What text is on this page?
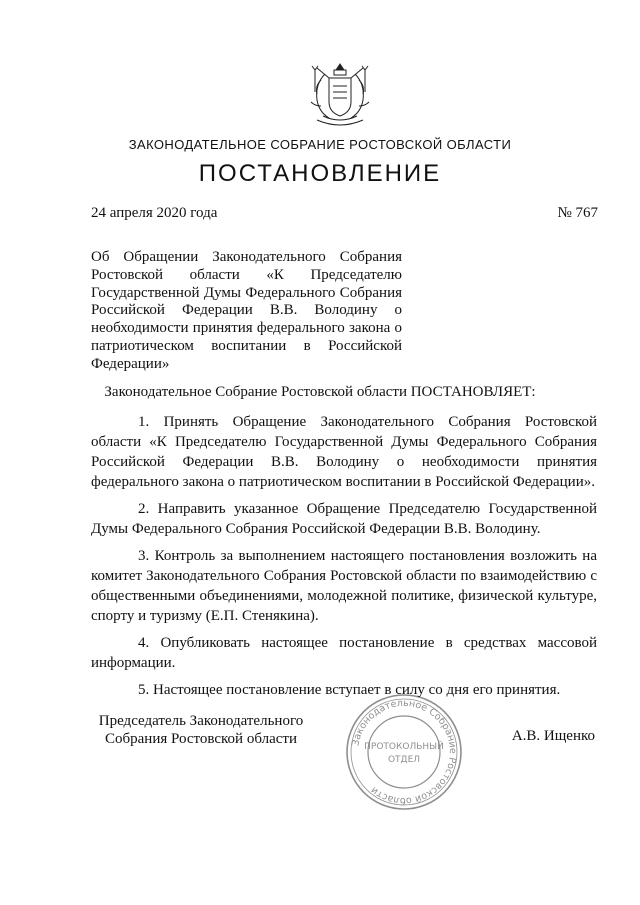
ЗАКОНОДАТЕЛЬНОЕ СОБРАНИЕ РОСТОВСКОЙ ОБЛАСТИ
ПОСТАНОВЛЕНИЕ
24 апреля 2020 года	№ 767
Об Обращении Законодательного Собрания Ростовской области «К Председателю Государственной Думы Федерального Собрания Российской Федерации В.В. Володину о необходимости принятия федерального закона о патриотическом воспитании в Российской Федерации»
Законодательное Собрание Ростовской области ПОСТАНОВЛЯЕТ:

1. Принять Обращение Законодательного Собрания Ростовской области «К Председателю Государственной Думы Федерального Собрания Российской Федерации В.В. Володину о необходимости принятия федерального закона о патриотическом воспитании в Российской Федерации».

2. Направить указанное Обращение Председателю Государственной Думы Федерального Собрания Российской Федерации В.В. Володину.

3. Контроль за выполнением настоящего постановления возложить на комитет Законодательного Собрания Ростовской области по взаимодействию с общественными объединениями, молодежной политике, физической культуре, спорту и туризму (Е.П. Стенякина).

4. Опубликовать настоящее постановление в средствах массовой информации.

5. Настоящее постановление вступает в силу со дня его принятия.

Председатель Законодательного
Собрания Ростовской области	А.В. Ищенко
Законодательное Собрание Ростовской области
ПРОТОКОЛЬНЫЙ
ОТДЕЛ
